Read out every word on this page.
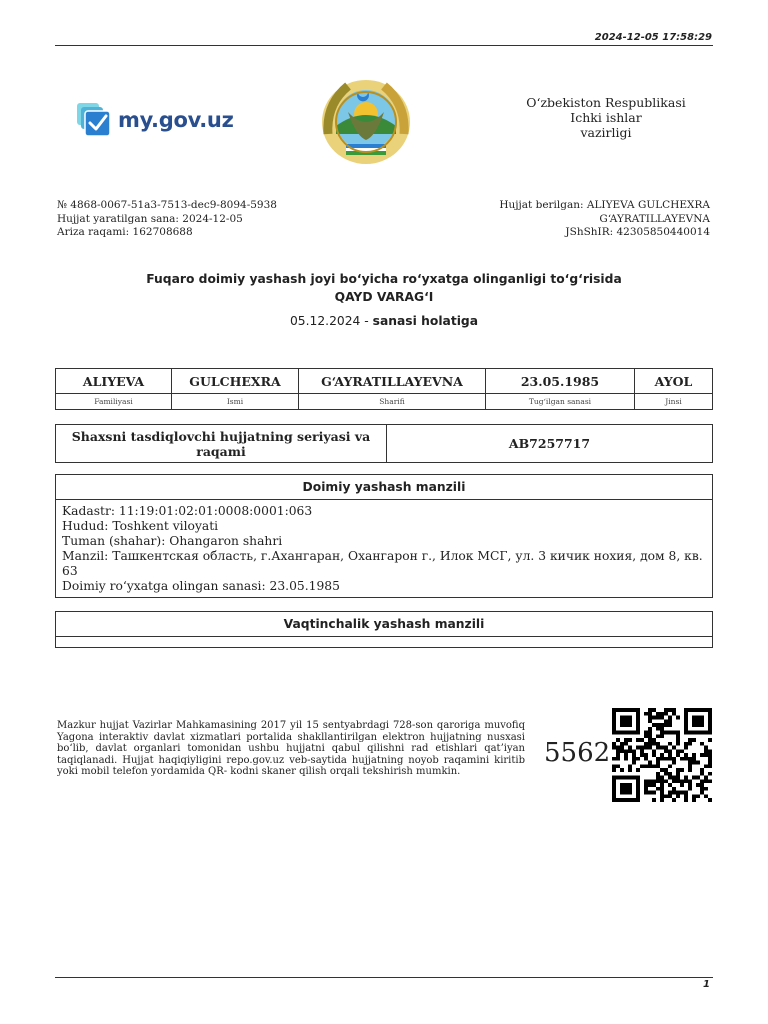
2024-12-05 17:58:29
my.gov.uz
O‘zbekiston Respublikasi
Ichki ishlar
vazirligi
№ 4868-0067-51a3-7513-dec9-8094-5938
Hujjat yaratilgan sana: 2024-12-05
Ariza raqami: 162708688
Hujjat berilgan: ALIYEVA GULCHEXRA
G‘AYRATILLAYEVNA
JShShIR: 42305850440014
Fuqaro doimiy yashash joyi bo‘yicha ro‘yxatga olinganligi to‘g‘risida
QAYD VARAG‘I
05.12.2024 - sanasi holatiga
ALIYEVA	GULCHEXRA	G‘AYRATILLAYEVNA	23.05.1985	AYOL
Familiyasi	Ismi	Sharifi	Tug‘ilgan sanasi	Jinsi
Shaxsni tasdiqlovchi hujjatning seriyasi va raqami	AB7257717
Doimiy yashash manzili
Kadastr: 11:19:01:02:01:0008:0001:063
Hudud: Toshkent viloyati
Tuman (shahar): Ohangaron shahri
Manzil: Ташкентская область, г.Ахангаран, Охангарон г., Илок МСГ, ул. 3 кичик нохия, дом 8, кв. 63
Doimiy ro‘yxatga olingan sanasi: 23.05.1985
Vaqtinchalik yashash manzili
Mazkur hujjat Vazirlar Mahkamasining 2017 yil 15 sentyabrdagi 728-son qaroriga muvofiq Yagona interaktiv davlat xizmatlari portalida shakllantirilgan elektron hujjatning nusxasi bo‘lib, davlat organlari tomonidan ushbu hujjatni qabul qilishni rad etishlari qat’iyan taqiqlanadi. Hujjat haqiqiyligini repo.gov.uz veb-saytida hujjatning noyob raqamini kiritib yoki mobil telefon yordamida QR- kodni skaner qilish orqali tekshirish mumkin.
5562
1
